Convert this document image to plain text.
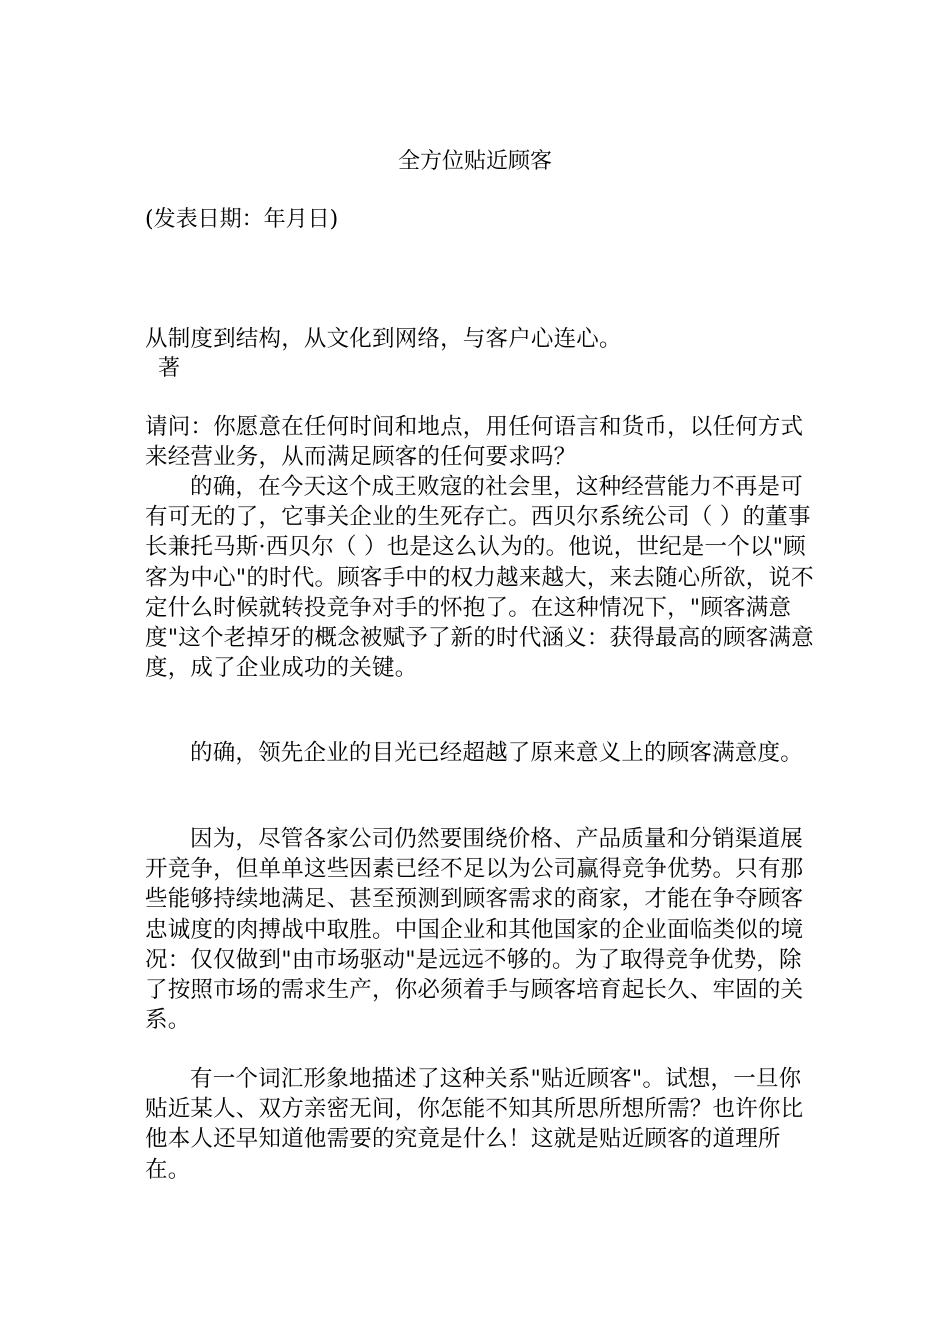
全方位贴近顾客
(发表日期：年月日)
从制度到结构，从文化到网络，与客户心连心。
著
请问：你愿意在任何时间和地点，用任何语言和货币，以任何方式来经营业务，从而满足顾客的任何要求吗？
的确，在今天这个成王败寇的社会里，这种经营能力不再是可有可无的了，它事关企业的生死存亡。西贝尔系统公司（ ）的董事长兼托马斯·西贝尔（ ）也是这么认为的。他说，世纪是一个以"顾客为中心"的时代。顾客手中的权力越来越大，来去随心所欲，说不定什么时候就转投竞争对手的怀抱了。在这种情况下，"顾客满意度"这个老掉牙的概念被赋予了新的时代涵义：获得最高的顾客满意度，成了企业成功的关键。
的确，领先企业的目光已经超越了原来意义上的顾客满意度。
因为，尽管各家公司仍然要围绕价格、产品质量和分销渠道展开竞争，但单单这些因素已经不足以为公司赢得竞争优势。只有那些能够持续地满足、甚至预测到顾客需求的商家，才能在争夺顾客忠诚度的肉搏战中取胜。中国企业和其他国家的企业面临类似的境况：仅仅做到"由市场驱动"是远远不够的。为了取得竞争优势，除了按照市场的需求生产，你必须着手与顾客培育起长久、牢固的关系。
有一个词汇形象地描述了这种关系"贴近顾客"。试想，一旦你贴近某人、双方亲密无间，你怎能不知其所思所想所需？也许你比他本人还早知道他需要的究竟是什么！这就是贴近顾客的道理所在。
